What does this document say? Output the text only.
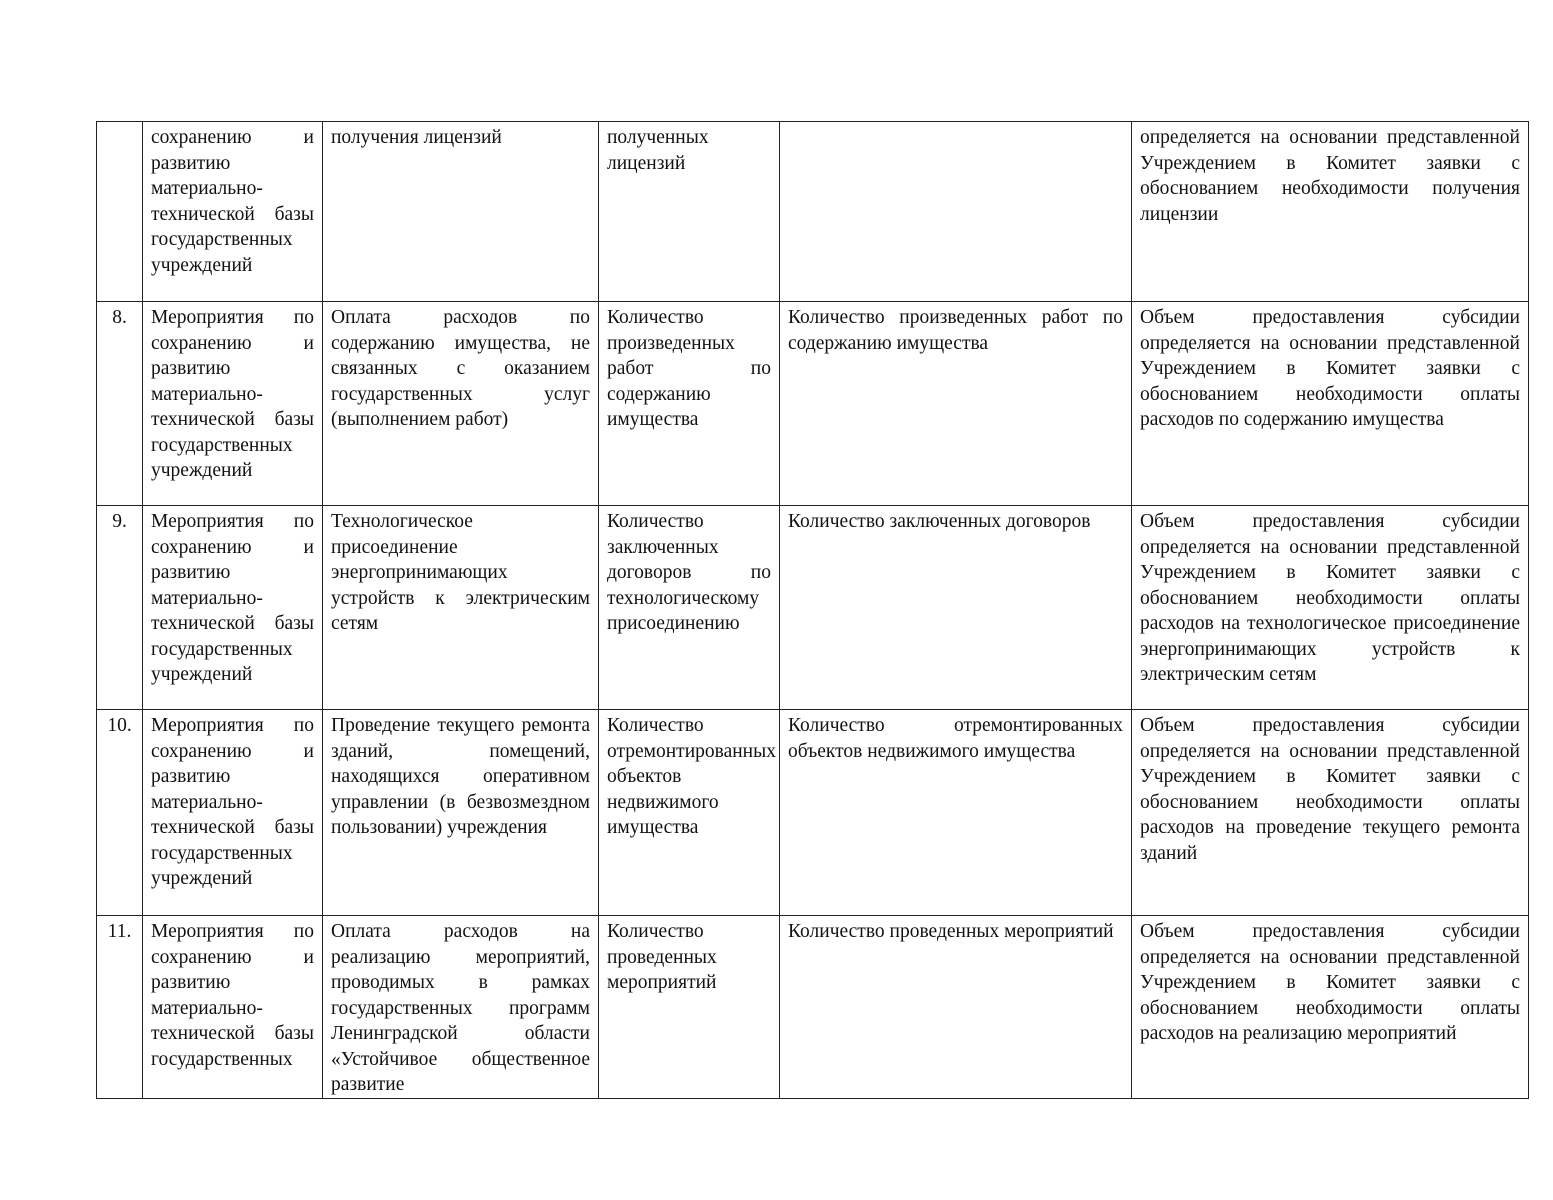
	сохранению и развитию материально-технической базы государственных учреждений	получения лицензий	полученных лицензий		определяется на основании представленной Учреждением в Комитет заявки с обоснованием необходимости получения лицензии
8.	Мероприятия по сохранению и развитию материально-технической базы государственных учреждений	Оплата расходов по содержанию имущества, не связанных с оказанием государственных услуг (выполнением работ)	Количество произведенных работ по содержанию имущества	Количество произведенных работ по содержанию имущества	Объем предоставления субсидии определяется на основании представленной Учреждением в Комитет заявки с обоснованием необходимости оплаты расходов по содержанию имущества
9.	Мероприятия по сохранению и развитию материально-технической базы государственных учреждений	Технологическое присоединение энергопринимающих устройств к электрическим сетям	Количество заключенных договоров по технологическому присоединению	Количество заключенных договоров	Объем предоставления субсидии определяется на основании представленной Учреждением в Комитет заявки с обоснованием необходимости оплаты расходов на технологическое присоединение энергопринимающих устройств к электрическим сетям
10.	Мероприятия по сохранению и развитию материально-технической базы государственных учреждений	Проведение текущего ремонта зданий, помещений, находящихся оперативном управлении (в безвозмездном пользовании) учреждения	Количество отремонтированных объектов недвижимого имущества	Количество отремонтированных объектов недвижимого имущества	Объем предоставления субсидии определяется на основании представленной Учреждением в Комитет заявки с обоснованием необходимости оплаты расходов на проведение текущего ремонта зданий
11.	Мероприятия по сохранению и развитию материально-технической базы государственных	Оплата расходов на реализацию мероприятий, проводимых в рамках государственных программ Ленинградской области «Устойчивое общественное развитие	Количество проведенных мероприятий	Количество проведенных мероприятий	Объем предоставления субсидии определяется на основании представленной Учреждением в Комитет заявки с обоснованием необходимости оплаты расходов на реализацию мероприятий
